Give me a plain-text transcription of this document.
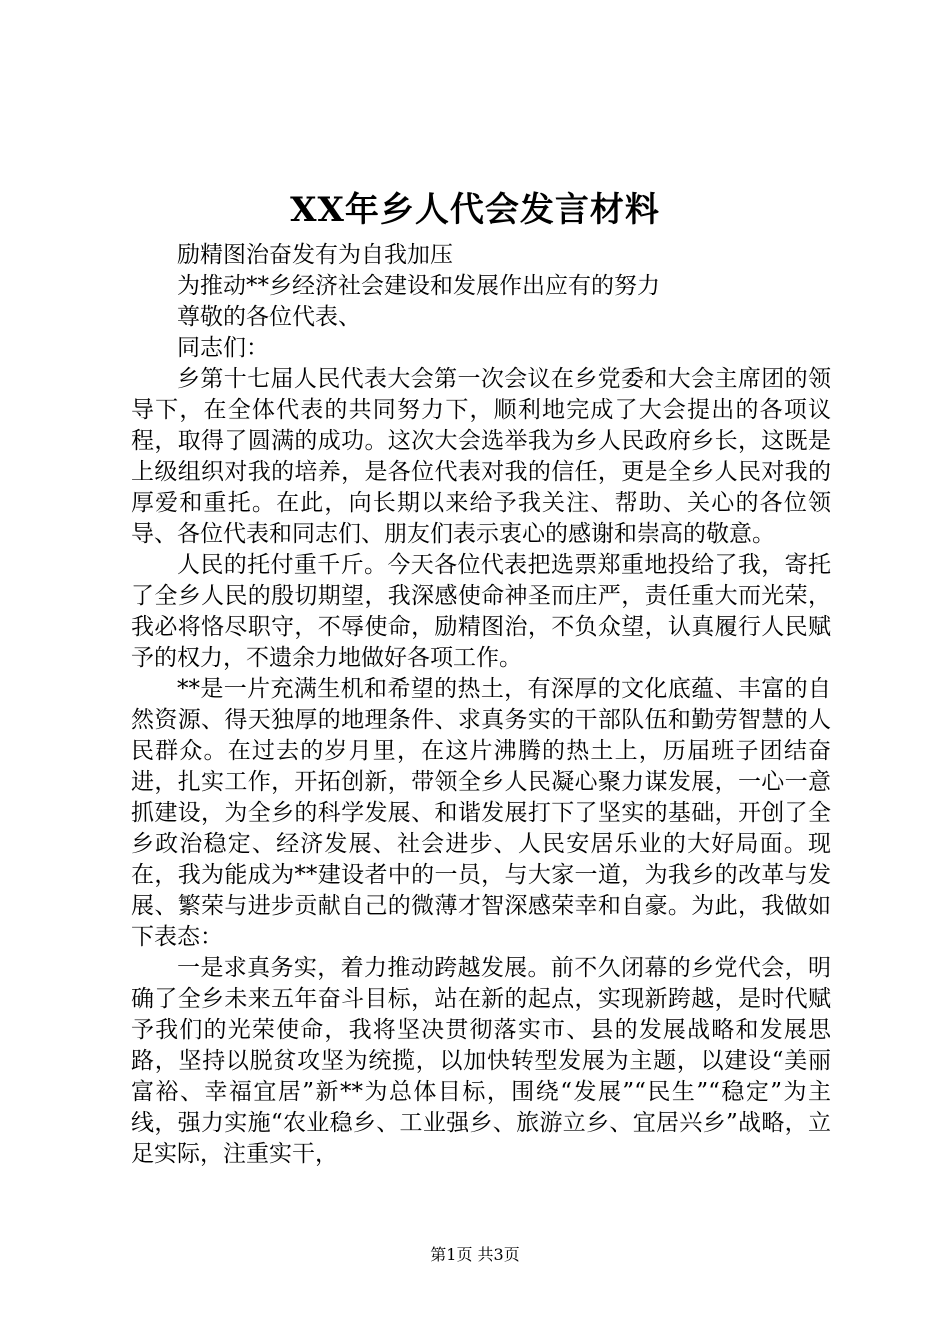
XX年乡人代会发言材料

励精图治奋发有为自我加压

为推动**乡经济社会建设和发展作出应有的努力

尊敬的各位代表、

同志们：

乡第十七届人民代表大会第一次会议在乡党委和大会主席团的领导下，在全体代表的共同努力下，顺利地完成了大会提出的各项议程，取得了圆满的成功。这次大会选举我为乡人民政府乡长，这既是上级组织对我的培养，是各位代表对我的信任，更是全乡人民对我的厚爱和重托。在此，向长期以来给予我关注、帮助、关心的各位领导、各位代表和同志们、朋友们表示衷心的感谢和崇高的敬意。

人民的托付重千斤。今天各位代表把选票郑重地投给了我，寄托了全乡人民的殷切期望，我深感使命神圣而庄严，责任重大而光荣，我必将恪尽职守，不辱使命，励精图治，不负众望，认真履行人民赋予的权力，不遗余力地做好各项工作。

**是一片充满生机和希望的热土，有深厚的文化底蕴、丰富的自然资源、得天独厚的地理条件、求真务实的干部队伍和勤劳智慧的人民群众。在过去的岁月里，在这片沸腾的热土上，历届班子团结奋进，扎实工作，开拓创新，带领全乡人民凝心聚力谋发展，一心一意抓建设，为全乡的科学发展、和谐发展打下了坚实的基础，开创了全乡政治稳定、经济发展、社会进步、人民安居乐业的大好局面。现在，我为能成为**建设者中的一员，与大家一道，为我乡的改革与发展、繁荣与进步贡献自己的微薄才智深感荣幸和自豪。为此，我做如下表态：

一是求真务实，着力推动跨越发展。前不久闭幕的乡党代会，明确了全乡未来五年奋斗目标，站在新的起点，实现新跨越，是时代赋予我们的光荣使命，我将坚决贯彻落实市、县的发展战略和发展思路，坚持以脱贫攻坚为统揽，以加快转型发展为主题，以建设“美丽富裕、幸福宜居”新**为总体目标，围绕“发展”“民生”“稳定”为主线，强力实施“农业稳乡、工业强乡、旅游立乡、宜居兴乡”战略，立足实际，注重实干，

第1页 共3页
